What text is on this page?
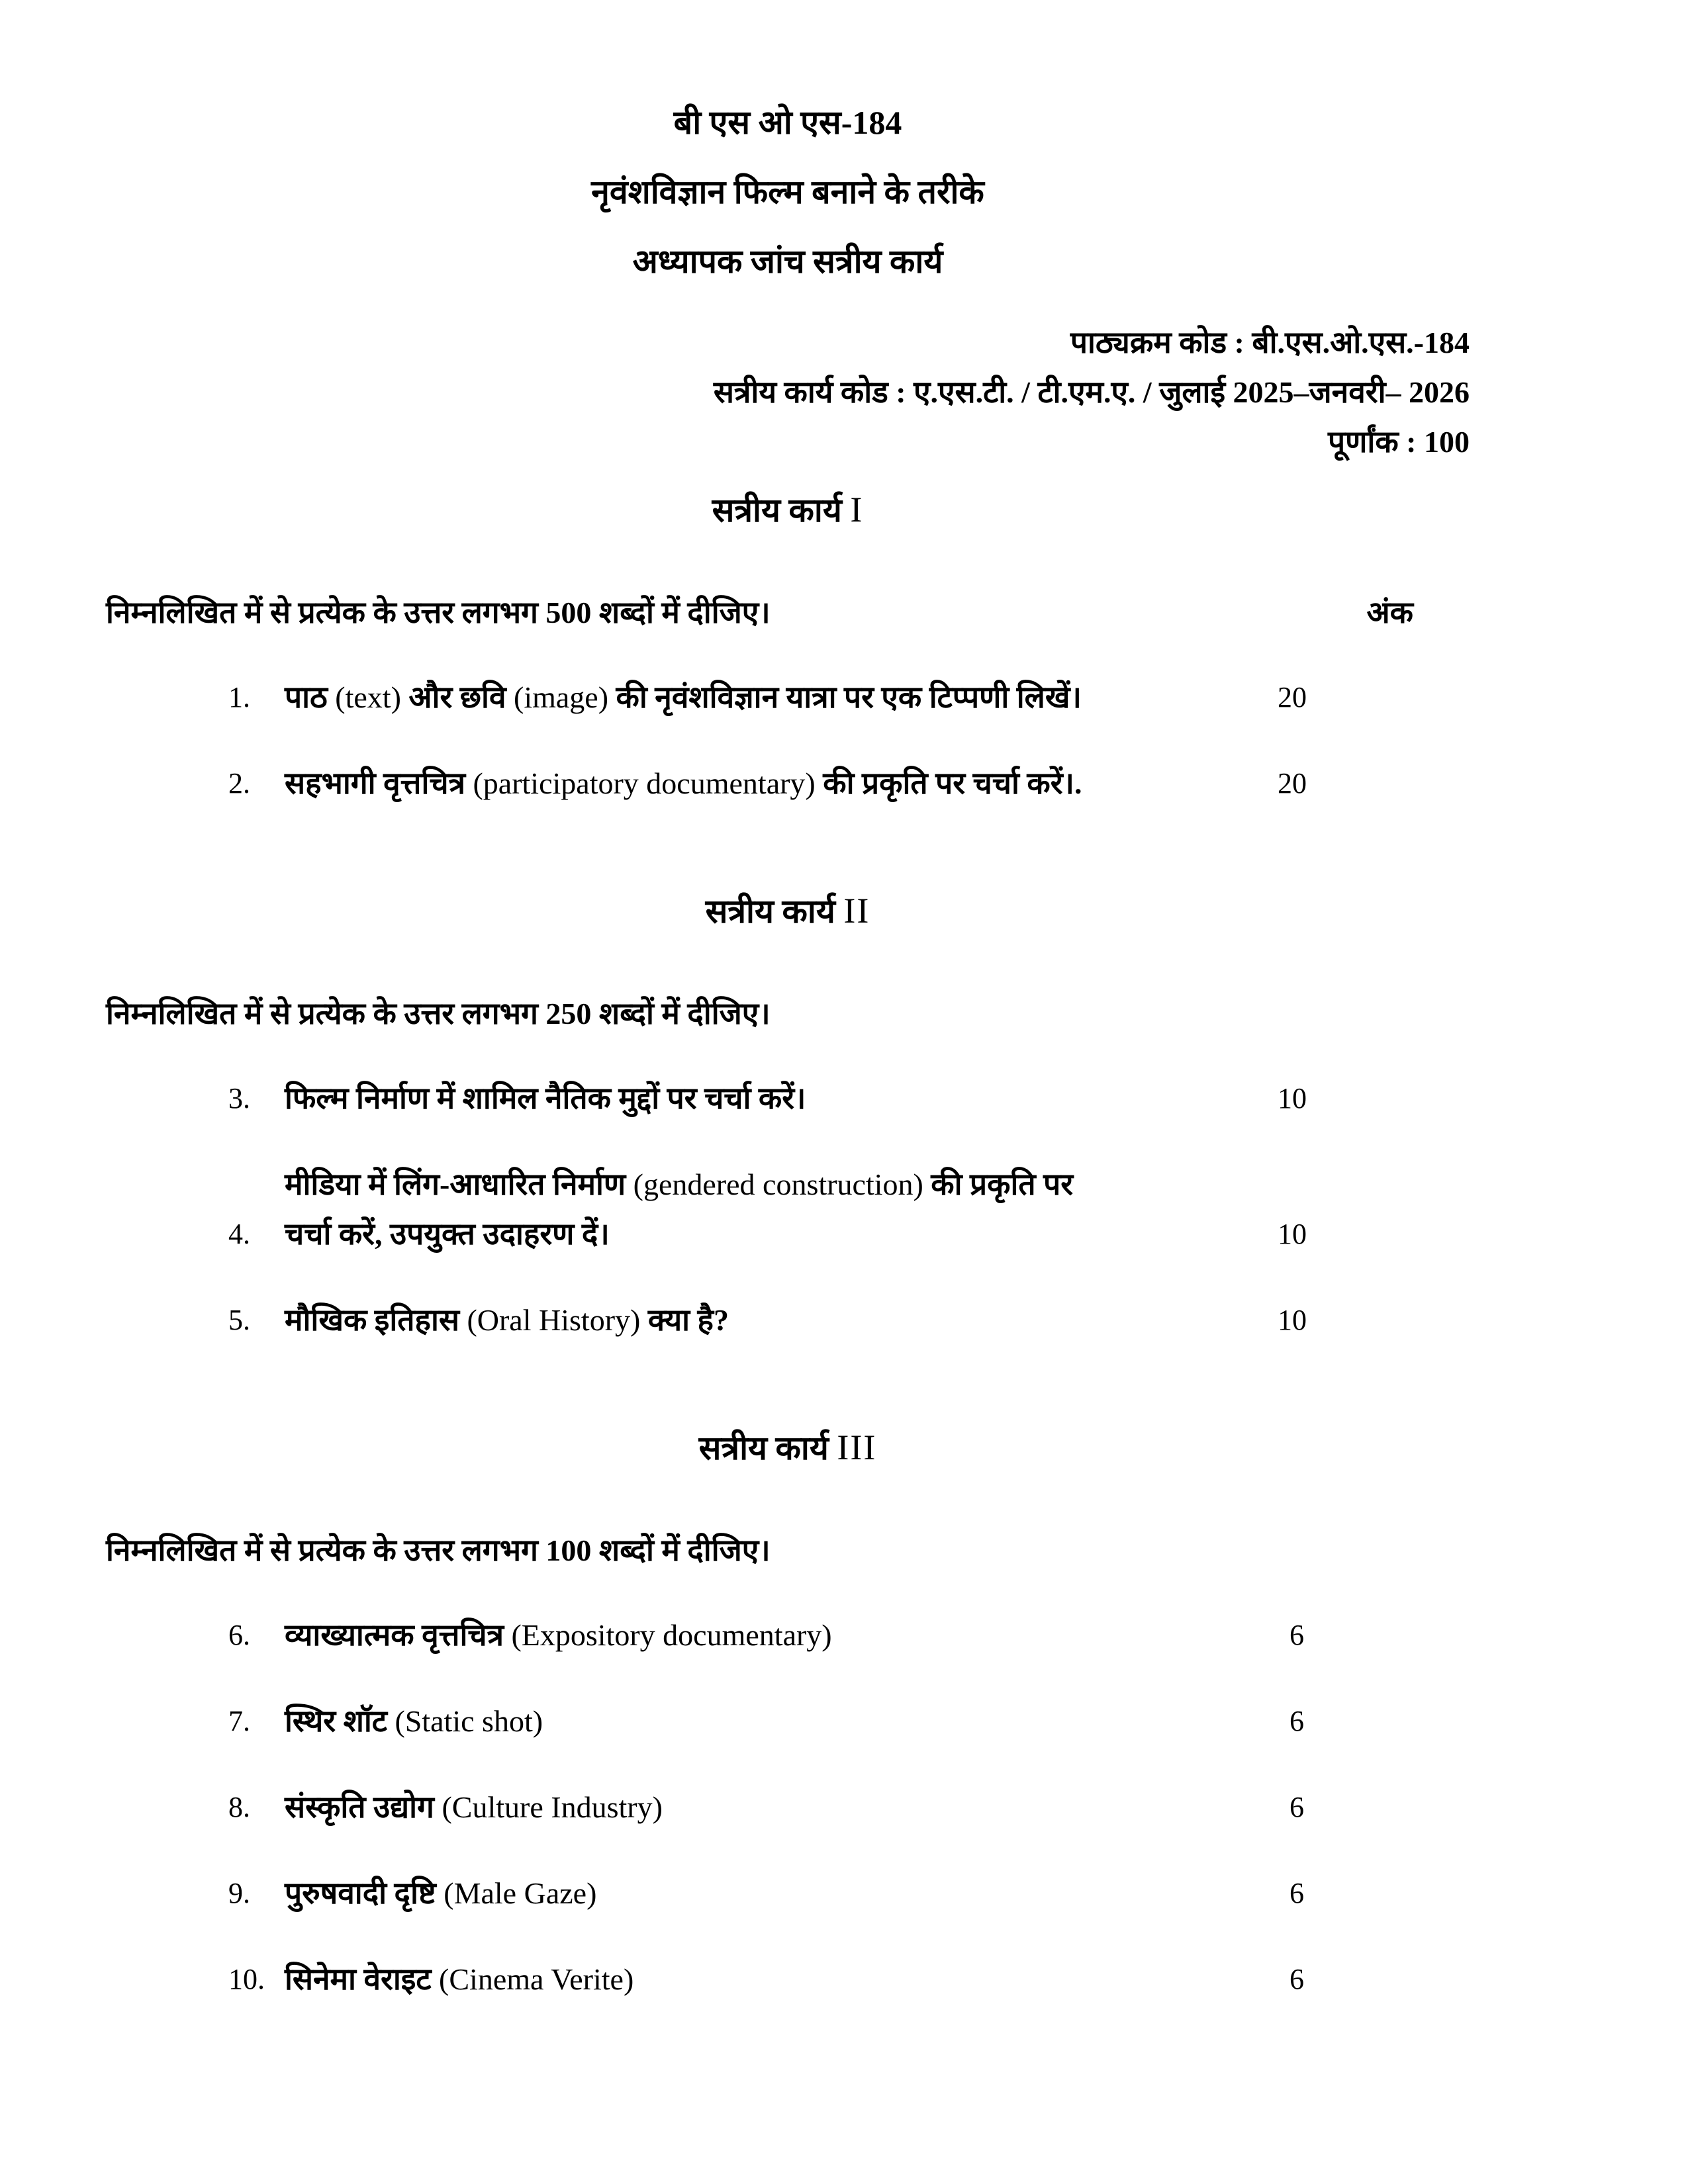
बी एस ओ एस-184
नृवंशविज्ञान फिल्म बनाने के तरीके
अध्यापक जांच सत्रीय कार्य
पाठ्यक्रम कोड : बी.एस.ओ.एस.-184
सत्रीय कार्य कोड : ए.एस.टी. / टी.एम.ए. / जुलाई 2025–जनवरी– 2026
पूर्णांक : 100
सत्रीय कार्य I
निम्नलिखित में से प्रत्येक के उत्तर लगभग 500 शब्दों में दीजिए।	अंक
1.	पाठ (text) और छवि (image) की नृवंशविज्ञान यात्रा पर एक टिप्पणी लिखें।	20
2.	सहभागी वृत्तचित्र (participatory documentary) की प्रकृति पर चर्चा करें।.	20
सत्रीय कार्य II
निम्नलिखित में से प्रत्येक के उत्तर लगभग 250 शब्दों में दीजिए।
3.	फिल्म निर्माण में शामिल नैतिक मुद्दों पर चर्चा करें।	10
4.
मीडिया में लिंग-आधारित निर्माण (gendered construction) की प्रकृति पर
चर्चा करें, उपयुक्त उदाहरण दें।	10
5.	मौखिक इतिहास (Oral History) क्या है?	10
सत्रीय कार्य III
निम्नलिखित में से प्रत्येक के उत्तर लगभग 100 शब्दों में दीजिए।
6.	व्याख्यात्मक वृत्तचित्र (Expository documentary)	6
7.	स्थिर शॉट (Static shot)	6
8.	संस्कृति उद्योग (Culture Industry)	6
9.	पुरुषवादी दृष्टि (Male Gaze)	6
10. सिनेमा वेराइट (Cinema Verite)	6
